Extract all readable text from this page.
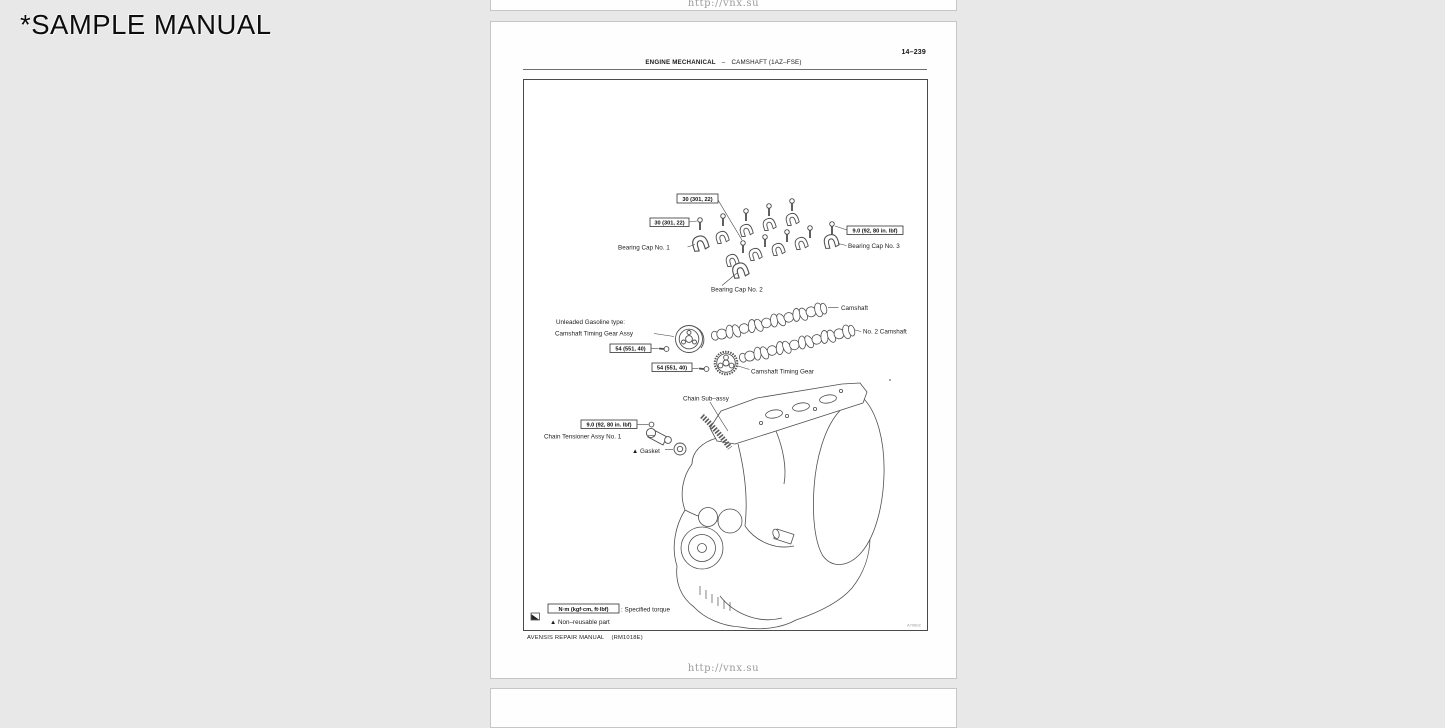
*SAMPLE MANUAL
http://vnx.su
14–239
ENGINE MECHANICAL – CAMSHAFT (1AZ–FSE)
30 (301, 22)
30 (301, 22)
9.0 (92, 80 in. lbf)
54 (551, 40)
54 (551, 40)
9.0 (92, 80 in. lbf)
N·m (kgf·cm, ft·lbf)
Bearing Cap No. 1
Bearing Cap No. 2
Bearing Cap No. 3
Camshaft
No. 2 Camshaft
Unleaded Gasoline type:
Camshaft Timing Gear Assy
Camshaft Timing Gear
Chain Sub–assy
Chain Tensioner Assy No. 1
▲ Gasket
: Specified torque
▲ Non–reusable part	A79802
AVENSIS REPAIR MANUAL (RM1018E)
http://vnx.su
